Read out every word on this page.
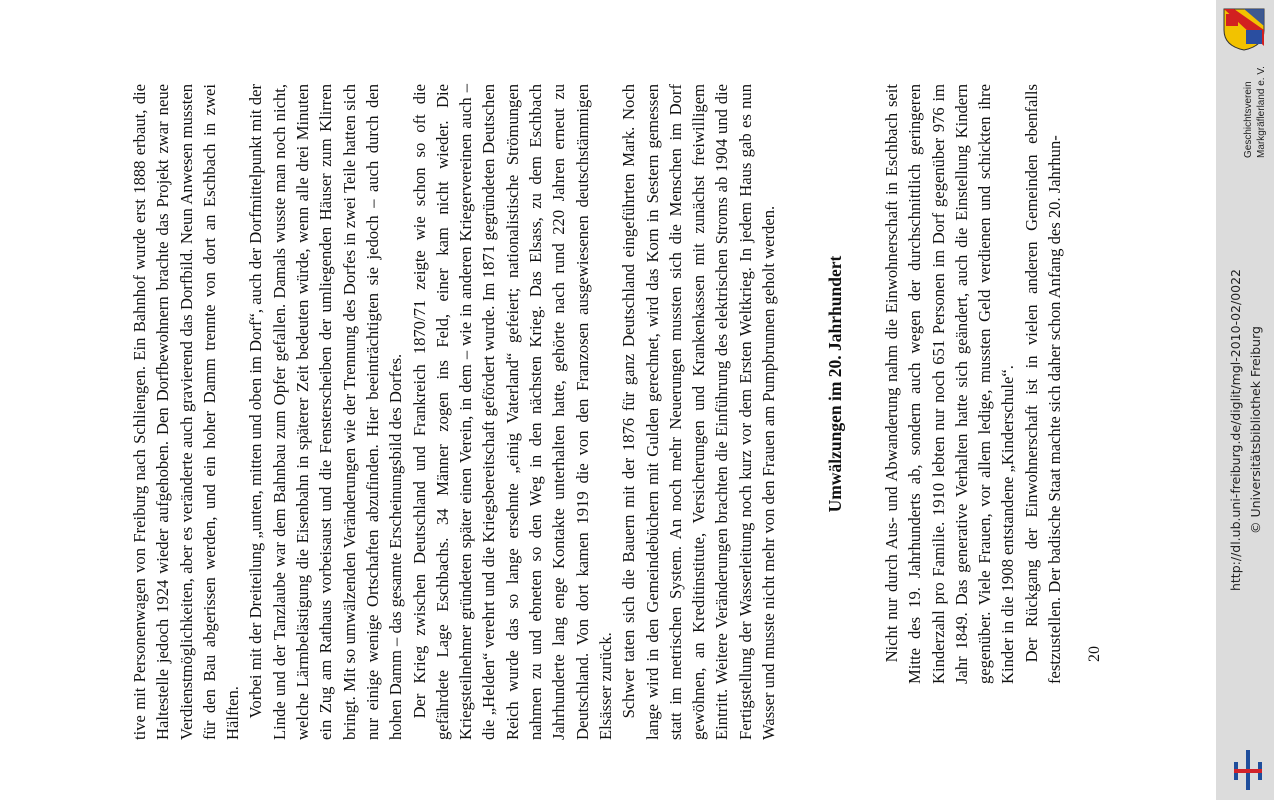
tive mit Personenwagen von Freiburg nach Schliengen. Ein Bahnhof wurde erst 1888 erbaut, die Haltestelle jedoch 1924 wieder aufgehoben. Den Dorfbewohnern brachte das Projekt zwar neue Verdienstmöglichkeiten, aber es veränderte auch gravierend das Dorfbild. Neun Anwesen mussten für den Bau abgerissen werden, und ein hoher Damm trennte von dort an Eschbach in zwei Hälften. Vorbei mit der Dreiteilung „unten, mitten und oben im Dorf“, auch der Dorfmittelpunkt mit der Linde und der Tanzlaube war dem Bahnbau zum Opfer gefallen. Damals wusste man noch nicht, welche Lärmbelästigung die Eisenbahn in späterer Zeit bedeuten würde, wenn alle drei Minuten ein Zug am Rathaus vorbeisaust und die Fensterscheiben der umliegenden Häuser zum Klirren bringt. Mit so umwälzenden Veränderungen wie der Trennung des Dorfes in zwei Teile hatten sich nur einige wenige Ortschaften abzufinden. Hier beeinträchtigten sie jedoch – auch durch den hohen Damm – das gesamte Erscheinungsbild des Dorfes. Der Krieg zwischen Deutschland und Frankreich 1870/71 zeigte wie schon so oft die gefährdete Lage Eschbachs. 34 Männer zogen ins Feld, einer kam nicht wieder. Die Kriegsteilnehmer gründeten später einen Verein, in dem – wie in anderen Kriegervereinen auch – die „Helden“ verehrt und die Kriegsbereitschaft gefördert wurde. Im 1871 gegründeten Deutschen Reich wurde das so lange ersehnte „einig Vaterland“ gefeiert; nationalistische Strömungen nahmen zu und ebneten so den Weg in den nächsten Krieg. Das Elsass, zu dem Eschbach Jahrhunderte lang enge Kontakte unterhalten hatte, gehörte nach rund 220 Jahren erneut zu Deutschland. Von dort kamen 1919 die von den Franzosen ausgewiesenen deutschstämmigen Elsässer zurück. Schwer taten sich die Bauern mit der 1876 für ganz Deutschland eingeführten Mark. Noch lange wird in den Gemeindebüchern mit Gulden gerechnet, wird das Korn in Sestern gemessen statt im metrischen System. An noch mehr Neuerungen mussten sich die Menschen im Dorf gewöhnen, an Kreditinstitute, Versicherungen und Krankenkassen mit zunächst freiwilligem Eintritt. Weitere Veränderungen brachten die Einführung des elektrischen Stroms ab 1904 und die Fertigstellung der Wasserleitung noch kurz vor dem Ersten Weltkrieg. In jedem Haus gab es nun Wasser und musste nicht mehr von den Frauen am Pumpbrunnen geholt werden.	Umwälzungen im 20. Jahrhundert Nicht nur durch Aus- und Abwanderung nahm die Einwohnerschaft in Eschbach seit Mitte des 19. Jahrhunderts ab, sondern auch wegen der durchschnittlich geringeren Kinderzahl pro Familie. 1910 lebten nur noch 651 Personen im Dorf gegenüber 976 im Jahr 1849. Das generative Verhalten hatte sich geändert, auch die Einstellung Kindern gegenüber. Viele Frauen, vor allem ledige, mussten Geld verdienen und schickten ihre Kinder in die 1908 entstandene „Kinderschule“. Der Rückgang der Einwohnerschaft ist in vielen anderen Gemeinden ebenfalls festzustellen. Der badische Staat machte sich daher schon Anfang des 20. Jahrhun- 20

http://dl.ub.uni-freiburg.de/diglit/mgl-2010-02/0022 © Universitätsbibliothek Freiburg
Geschichtsverein Markgräflerland e. V.
